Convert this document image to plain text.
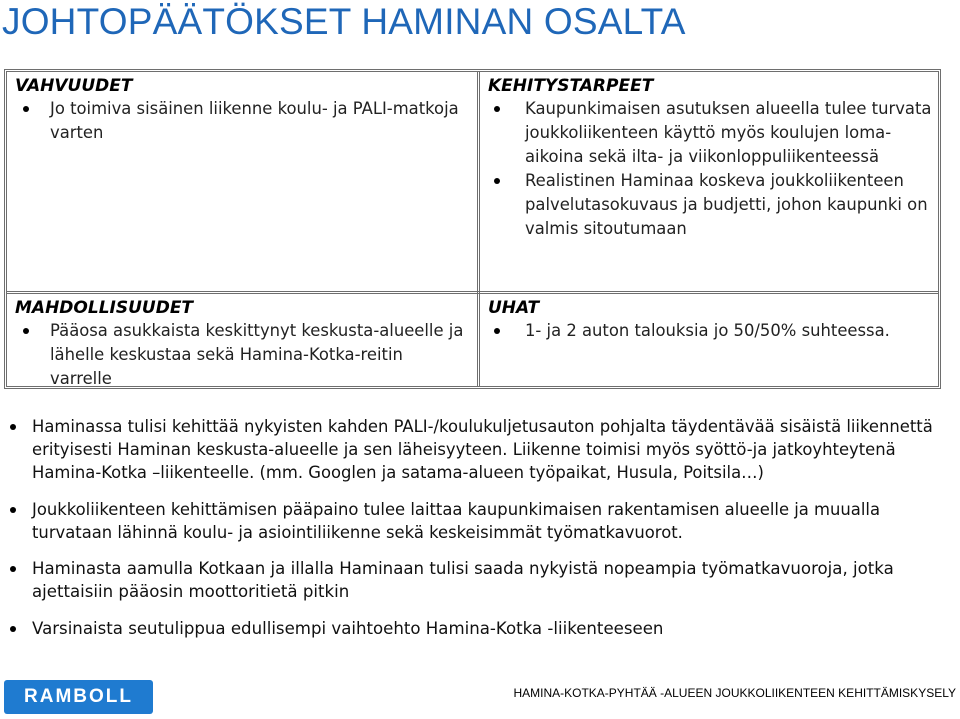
JOHTOPÄÄTÖKSET HAMINAN OSALTA

VAHVUUDET

Jo toimiva sisäinen liikenne koulu- ja PALI-matkoja varten

KEHITYSTARPEET

Kaupunkimaisen asutuksen alueella tulee turvata joukkoliikenteen käyttö myös koulujen loma-aikoina sekä ilta- ja viikonloppuliikenteessä
Realistinen Haminaa koskeva joukkoliikenteen palvelutasokuvaus ja budjetti, johon kaupunki on valmis sitoutumaan

MAHDOLLISUUDET

Pääosa asukkaista keskittynyt keskusta-alueelle ja lähelle keskustaa sekä Hamina-Kotka-reitin varrelle

UHAT

1- ja 2 auton talouksia jo 50/50% suhteessa.
Haminassa tulisi kehittää nykyisten kahden PALI-/koulukuljetusauton pohjalta täydentävää sisäistä liikennettä erityisesti Haminan keskusta-alueelle ja sen läheisyyteen. Liikenne toimisi myös syöttö-ja jatkoyhteytenä Hamina-Kotka –liikenteelle. (mm. Googlen ja satama-alueen työpaikat, Husula, Poitsila…)
Joukkoliikenteen kehittämisen pääpaino tulee laittaa kaupunkimaisen rakentamisen alueelle ja muualla turvataan lähinnä koulu- ja asiointiliikenne sekä keskeisimmät työmatkavuorot.
Haminasta aamulla Kotkaan ja illalla Haminaan tulisi saada nykyistä nopeampia työmatkavuoroja, jotka ajettaisiin pääosin moottoritietä pitkin
Varsinaista seutulippua edullisempi vaihtoehto Hamina-Kotka -liikenteeseen
RAMBOLL	HAMINA-KOTKA-PYHTÄÄ -ALUEEN JOUKKOLIIKENTEEN KEHITTÄMISKYSELY
